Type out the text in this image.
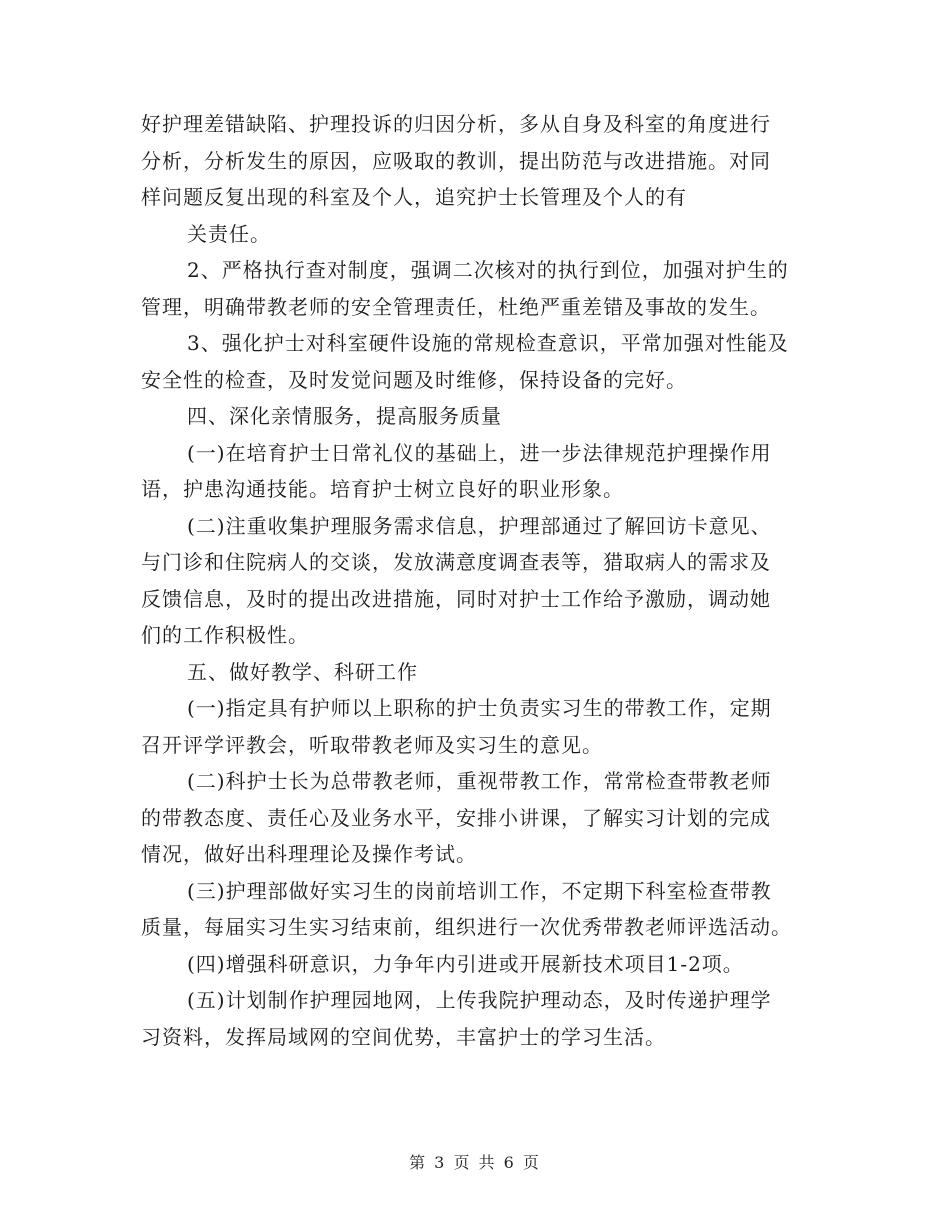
好护理差错缺陷、护理投诉的归因分析，多从自身及科室的角度进行
分析，分析发生的原因，应吸取的教训，提出防范与改进措施。对同
样问题反复出现的科室及个人，追究护士长管理及个人的有
关责任。
2、严格执行查对制度，强调二次核对的执行到位，加强对护生的
管理，明确带教老师的安全管理责任，杜绝严重差错及事故的发生。
3、强化护士对科室硬件设施的常规检查意识，平常加强对性能及
安全性的检查，及时发觉问题及时维修，保持设备的完好。
四、深化亲情服务，提高服务质量
(一)在培育护士日常礼仪的基础上，进一步法律规范护理操作用
语，护患沟通技能。培育护士树立良好的职业形象。
(二)注重收集护理服务需求信息，护理部通过了解回访卡意见、
与门诊和住院病人的交谈，发放满意度调查表等，猎取病人的需求及
反馈信息，及时的提出改进措施，同时对护士工作给予激励，调动她
们的工作积极性。
五、做好教学、科研工作
(一)指定具有护师以上职称的护士负责实习生的带教工作，定期
召开评学评教会，听取带教老师及实习生的意见。
(二)科护士长为总带教老师，重视带教工作，常常检查带教老师
的带教态度、责任心及业务水平，安排小讲课，了解实习计划的完成
情况，做好出科理理论及操作考试。
(三)护理部做好实习生的岗前培训工作，不定期下科室检查带教
质量，每届实习生实习结束前，组织进行一次优秀带教老师评选活动。
(四)增强科研意识，力争年内引进或开展新技术项目1-2项。
(五)计划制作护理园地网，上传我院护理动态，及时传递护理学
习资料，发挥局域网的空间优势，丰富护士的学习生活。
第 3 页 共 6 页
